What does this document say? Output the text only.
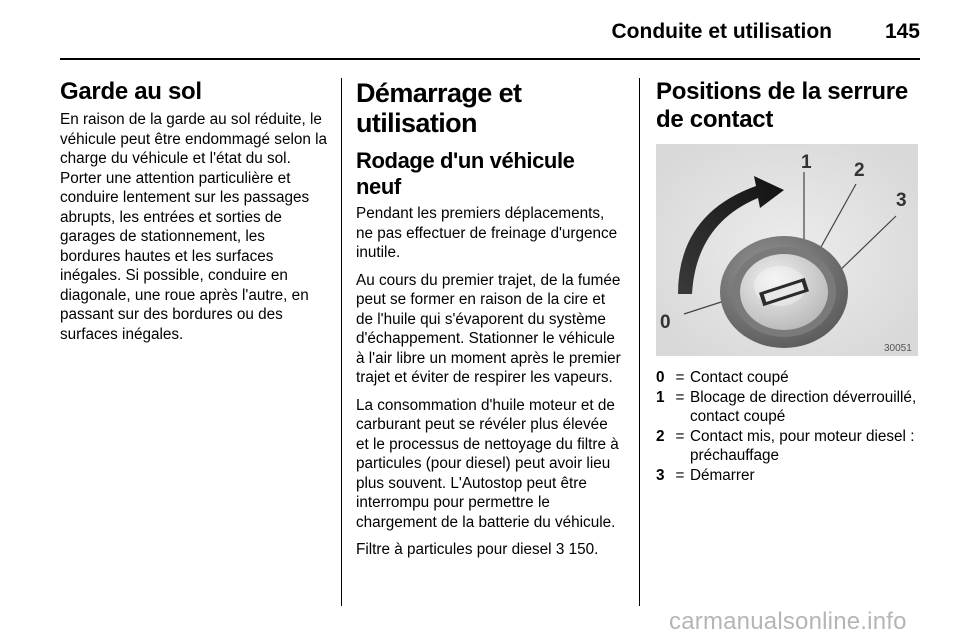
Conduite et utilisation	145
Garde au sol

En raison de la garde au sol réduite, le véhicule peut être endommagé selon la charge du véhicule et l'état du sol. Porter une attention particulière et conduire lentement sur les passages abrupts, les entrées et sorties de garages de stationnement, les bordures hautes et les surfaces inégales. Si possible, conduire en diagonale, une roue après l'autre, en passant sur des bordures ou des surfaces inégales.

Démarrage et utilisation
Rodage d'un véhicule neuf

Pendant les premiers déplacements, ne pas effectuer de freinage d'urgence inutile.

Au cours du premier trajet, de la fumée peut se former en raison de la cire et de l'huile qui s'évaporent du système d'échappement. Stationner le véhicule à l'air libre un moment après le premier trajet et éviter de respirer les vapeurs.

La consommation d'huile moteur et de carburant peut se révéler plus élevée et le processus de nettoyage du filtre à particules (pour diesel) peut avoir lieu plus souvent. L'Autostop peut être interrompu pour permettre le chargement de la batterie du véhicule.

Filtre à particules pour diesel 3 150.

Positions de la serrure de contact
1 2
3
0
30051
0 = Contact coupé
1 = Blocage de direction déverrouillé, contact coupé
2 = Contact mis, pour moteur diesel : préchauffage
3 = Démarrer
carmanualsonline.info
